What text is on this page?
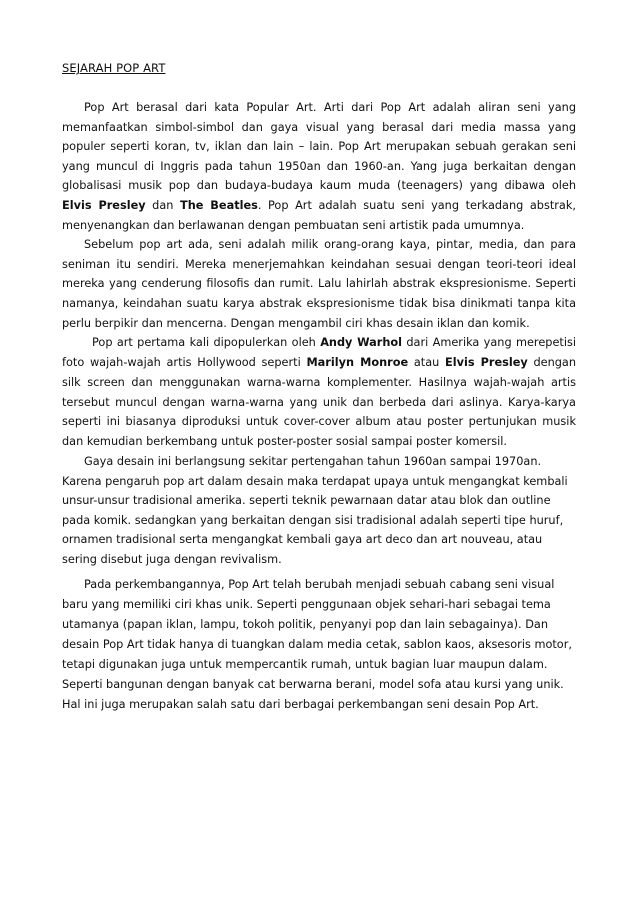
SEJARAH POP ART

Pop Art berasal dari kata Popular Art. Arti dari Pop Art adalah aliran seni yang memanfaatkan simbol-simbol dan gaya visual yang berasal dari media massa yang populer seperti koran, tv, iklan dan lain – lain. Pop Art merupakan sebuah gerakan seni yang muncul di Inggris pada tahun 1950an dan 1960-an. Yang juga berkaitan dengan globalisasi musik pop dan budaya-budaya kaum muda (teenagers) yang dibawa oleh Elvis Presley dan The Beatles. Pop Art adalah suatu seni yang terkadang abstrak, menyenangkan dan berlawanan dengan pembuatan seni artistik pada umumnya.

Sebelum pop art ada, seni adalah milik orang-orang kaya, pintar, media, dan para seniman itu sendiri. Mereka menerjemahkan keindahan sesuai dengan teori-teori ideal mereka yang cenderung filosofis dan rumit. Lalu lahirlah abstrak ekspresionisme. Seperti namanya, keindahan suatu karya abstrak ekspresionisme tidak bisa dinikmati tanpa kita perlu berpikir dan mencerna. Dengan mengambil ciri khas desain iklan dan komik.

Pop art pertama kali dipopulerkan oleh Andy Warhol dari Amerika yang merepetisi foto wajah-wajah artis Hollywood seperti Marilyn Monroe atau Elvis Presley dengan silk screen dan menggunakan warna-warna komplementer. Hasilnya wajah-wajah artis tersebut muncul dengan warna-warna yang unik dan berbeda dari aslinya. Karya-karya seperti ini biasanya diproduksi untuk cover-cover album atau poster pertunjukan musik dan kemudian berkembang untuk poster-poster sosial sampai poster komersil.

Gaya desain ini berlangsung sekitar pertengahan tahun 1960an sampai 1970an. Karena pengaruh pop art dalam desain maka terdapat upaya untuk mengangkat kembali unsur-unsur tradisional amerika. seperti teknik pewarnaan datar atau blok dan outline pada komik. sedangkan yang berkaitan dengan sisi tradisional adalah seperti tipe huruf, ornamen tradisional serta mengangkat kembali gaya art deco dan art nouveau, atau sering disebut juga dengan revivalism.

Pada perkembangannya, Pop Art telah berubah menjadi sebuah cabang seni visual baru yang memiliki ciri khas unik. Seperti penggunaan objek sehari-hari sebagai tema utamanya (papan iklan, lampu, tokoh politik, penyanyi pop dan lain sebagainya). Dan desain Pop Art tidak hanya di tuangkan dalam media cetak, sablon kaos, aksesoris motor, tetapi digunakan juga untuk mempercantik rumah, untuk bagian luar maupun dalam. Seperti bangunan dengan banyak cat berwarna berani, model sofa atau kursi yang unik. Hal ini juga merupakan salah satu dari berbagai perkembangan seni desain Pop Art.
